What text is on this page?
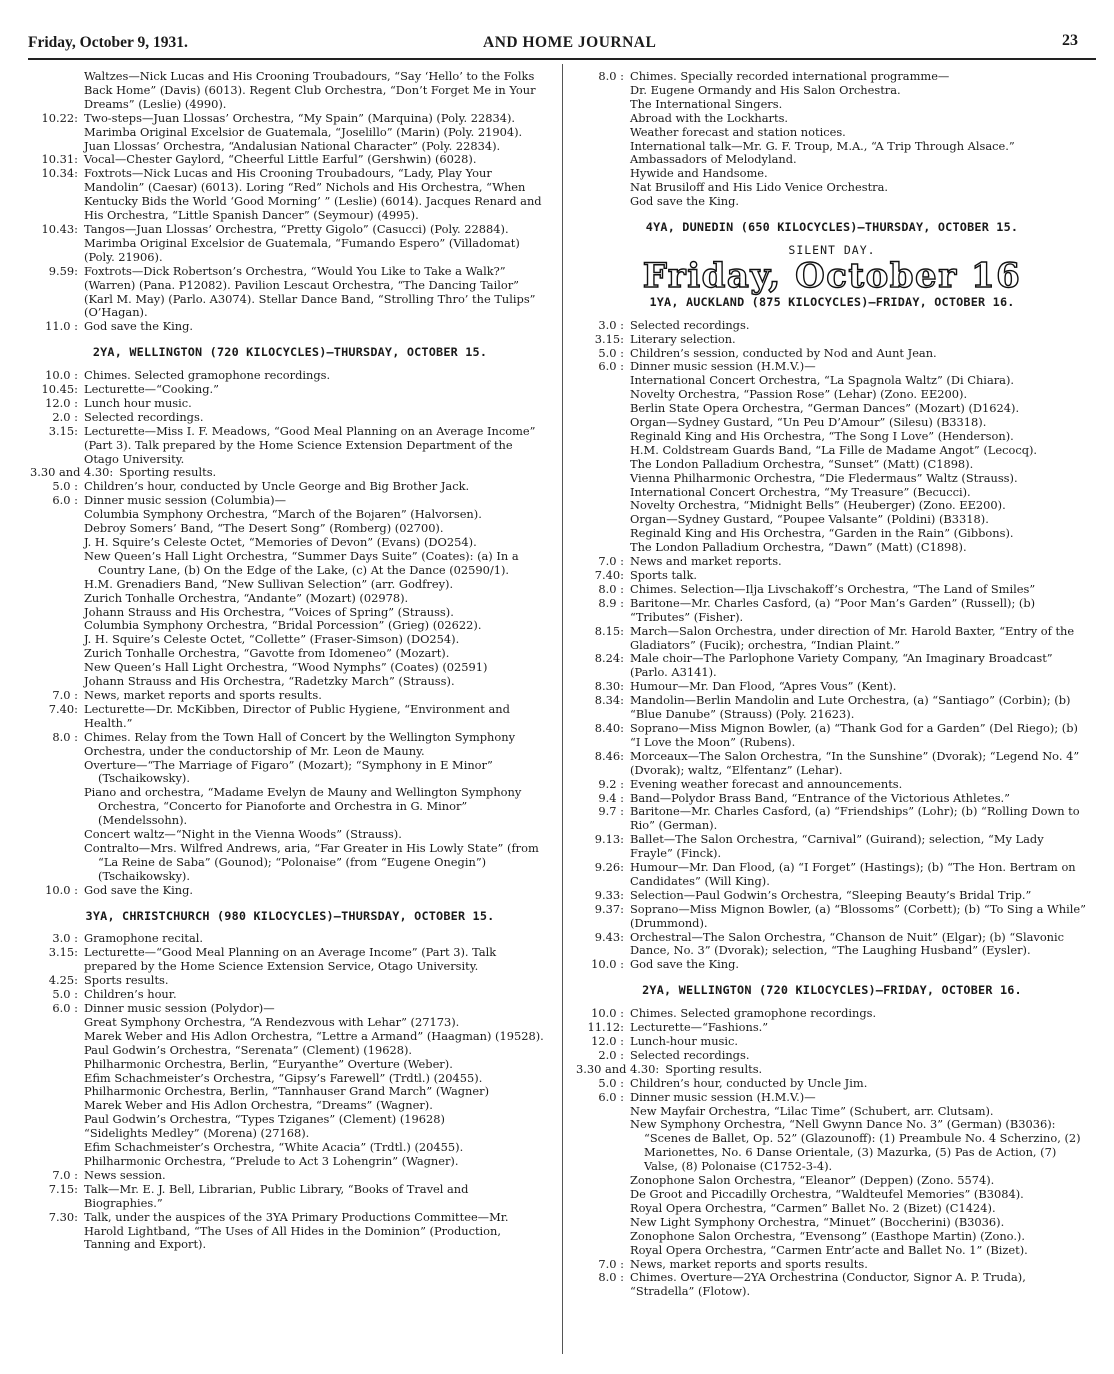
Friday, October 9, 1931.	AND HOME JOURNAL	23
Waltzes—Nick Lucas and His Crooning Troubadours, “Say ‘Hello’ to the Folks Back Home” (Davis) (6013). Regent Club Orchestra, “Don’t Forget Me in Your Dreams” (Leslie) (4990).
10.22: Two-steps—Juan Llossas’ Orchestra, “My Spain” (Marquina) (Poly. 22834). Marimba Original Excelsior de Guatemala, “Joselillo” (Marin) (Poly. 21904). Juan Llossas’ Orchestra, “Andalusian National Character” (Poly. 22834).
10.31: Vocal—Chester Gaylord, “Cheerful Little Earful” (Gershwin) (6028).
10.34: Foxtrots—Nick Lucas and His Crooning Troubadours, “Lady, Play Your Mandolin” (Caesar) (6013). Loring “Red” Nichols and His Orchestra, “When Kentucky Bids the World ‘Good Morning’ ” (Leslie) (6014). Jacques Renard and His Orchestra, “Little Spanish Dancer” (Seymour) (4995).
10.43: Tangos—Juan Llossas’ Orchestra, “Pretty Gigolo” (Casucci) (Poly. 22884). Marimba Original Excelsior de Guatemala, “Fumando Espero” (Villadomat) (Poly. 21906).
9.59: Foxtrots—Dick Robertson’s Orchestra, “Would You Like to Take a Walk?” (Warren) (Pana. P12082). Pavilion Lescaut Orchestra, “The Dancing Tailor” (Karl M. May) (Parlo. A3074). Stellar Dance Band, “Strolling Thro’ the Tulips” (O’Hagan).
11.0 : God save the King.
2YA, WELLINGTON (720 KILOCYCLES)—THURSDAY, OCTOBER 15.
10.0 : Chimes. Selected gramophone recordings.
10.45: Lecturette—“Cooking.”
12.0 : Lunch hour music.
2.0 : Selected recordings.
3.15: Lecturette—Miss I. F. Meadows, “Good Meal Planning on an Average Income” (Part 3). Talk prepared by the Home Science Extension Department of the Otago University.
3.30 and 4.30: Sporting results.
5.0 : Children’s hour, conducted by Uncle George and Big Brother Jack.
6.0 : Dinner music session (Columbia)—
Columbia Symphony Orchestra, “March of the Bojaren” (Halvorsen).
Debroy Somers’ Band, “The Desert Song” (Romberg) (02700).
J. H. Squire’s Celeste Octet, “Memories of Devon” (Evans) (DO254).
New Queen’s Hall Light Orchestra, “Summer Days Suite” (Coates): (a) In a Country Lane, (b) On the Edge of the Lake, (c) At the Dance (02590/1).
H.M. Grenadiers Band, “New Sullivan Selection” (arr. Godfrey).
Zurich Tonhalle Orchestra, “Andante” (Mozart) (02978).
Johann Strauss and His Orchestra, “Voices of Spring” (Strauss).
Columbia Symphony Orchestra, “Bridal Porcession” (Grieg) (02622).
J. H. Squire’s Celeste Octet, “Collette” (Fraser-Simson) (DO254).
Zurich Tonhalle Orchestra, “Gavotte from Idomeneo” (Mozart).
New Queen’s Hall Light Orchestra, “Wood Nymphs” (Coates) (02591)
Johann Strauss and His Orchestra, “Radetzky March” (Strauss).
7.0 : News, market reports and sports results.
7.40: Lecturette—Dr. McKibben, Director of Public Hygiene, “Environment and Health.”
8.0 : Chimes. Relay from the Town Hall of Concert by the Wellington Symphony Orchestra, under the conductorship of Mr. Leon de Mauny.
Overture—“The Marriage of Figaro” (Mozart); “Symphony in E Minor” (Tschaikowsky).
Piano and orchestra, “Madame Evelyn de Mauny and Wellington Symphony Orchestra, “Concerto for Pianoforte and Orchestra in G. Minor” (Mendelssohn).
Concert waltz—“Night in the Vienna Woods” (Strauss).
Contralto—Mrs. Wilfred Andrews, aria, “Far Greater in His Lowly State” (from “La Reine de Saba” (Gounod); “Polonaise” (from “Eugene Onegin”) (Tschaikowsky).
10.0 : God save the King.
3YA, CHRISTCHURCH (980 KILOCYCLES)—THURSDAY, OCTOBER 15.
3.0 : Gramophone recital.
3.15: Lecturette—“Good Meal Planning on an Average Income” (Part 3). Talk prepared by the Home Science Extension Service, Otago University.
4.25: Sports results.
5.0 : Children’s hour.
6.0 : Dinner music session (Polydor)—
Great Symphony Orchestra, “A Rendezvous with Lehar” (27173).
Marek Weber and His Adlon Orchestra, “Lettre a Armand” (Haagman) (19528).
Paul Godwin’s Orchestra, “Serenata” (Clement) (19628).
Philharmonic Orchestra, Berlin, “Euryanthe” Overture (Weber).
Efim Schachmeister’s Orchestra, “Gipsy’s Farewell” (Trdtl.) (20455).
Philharmonic Orchestra, Berlin, “Tannhauser Grand March” (Wagner)
Marek Weber and His Adlon Orchestra, “Dreams” (Wagner).
Paul Godwin’s Orchestra, “Types Tziganes” (Clement) (19628)
“Sidelights Medley” (Morena) (27168).
Efim Schachmeister’s Orchestra, “White Acacia” (Trdtl.) (20455).
Philharmonic Orchestra, “Prelude to Act 3 Lohengrin” (Wagner).
7.0 : News session.
7.15: Talk—Mr. E. J. Bell, Librarian, Public Library, “Books of Travel and Biographies.”
7.30: Talk, under the auspices of the 3YA Primary Productions Committee—Mr. Harold Lightband, “The Uses of All Hides in the Dominion” (Production, Tanning and Export).
8.0 : Chimes. Specially recorded international programme—
Dr. Eugene Ormandy and His Salon Orchestra.
The International Singers.
Abroad with the Lockharts.
Weather forecast and station notices.
International talk—Mr. G. F. Troup, M.A., “A Trip Through Alsace.”
Ambassadors of Melodyland.
Hywide and Handsome.
Nat Brusiloff and His Lido Venice Orchestra.
God save the King.
4YA, DUNEDIN (650 KILOCYCLES)—THURSDAY, OCTOBER 15.
SILENT DAY.
Friday, October 16
1YA, AUCKLAND (875 KILOCYCLES)—FRIDAY, OCTOBER 16.
3.0 : Selected recordings.
3.15: Literary selection.
5.0 : Children’s session, conducted by Nod and Aunt Jean.
6.0 : Dinner music session (H.M.V.)—
International Concert Orchestra, “La Spagnola Waltz” (Di Chiara).
Novelty Orchestra, “Passion Rose” (Lehar) (Zono. EE200).
Berlin State Opera Orchestra, “German Dances” (Mozart) (D1624).
Organ—Sydney Gustard, “Un Peu D’Amour” (Silesu) (B3318).
Reginald King and His Orchestra, “The Song I Love” (Henderson).
H.M. Coldstream Guards Band, “La Fille de Madame Angot” (Lecocq).
The London Palladium Orchestra, “Sunset” (Matt) (C1898).
Vienna Philharmonic Orchestra, “Die Fledermaus” Waltz (Strauss).
International Concert Orchestra, “My Treasure” (Becucci).
Novelty Orchestra, “Midnight Bells” (Heuberger) (Zono. EE200).
Organ—Sydney Gustard, “Poupee Valsante” (Poldini) (B3318).
Reginald King and His Orchestra, “Garden in the Rain” (Gibbons).
The London Palladium Orchestra, “Dawn” (Matt) (C1898).
7.0 : News and market reports.
7.40: Sports talk.
8.0 : Chimes. Selection—Ilja Livschakoff’s Orchestra, “The Land of Smiles”
8.9 : Baritone—Mr. Charles Casford, (a) “Poor Man’s Garden” (Russell); (b) “Tributes” (Fisher).
8.15: March—Salon Orchestra, under direction of Mr. Harold Baxter, “Entry of the Gladiators” (Fucik); orchestra, “Indian Plaint.”
8.24: Male choir—The Parlophone Variety Company, “An Imaginary Broadcast” (Parlo. A3141).
8.30: Humour—Mr. Dan Flood, “Apres Vous” (Kent).
8.34: Mandolin—Berlin Mandolin and Lute Orchestra, (a) “Santiago” (Corbin); (b) “Blue Danube” (Strauss) (Poly. 21623).
8.40: Soprano—Miss Mignon Bowler, (a) “Thank God for a Garden” (Del Riego); (b) “I Love the Moon” (Rubens).
8.46: Morceaux—The Salon Orchestra, “In the Sunshine” (Dvorak); “Legend No. 4” (Dvorak); waltz, “Elfentanz” (Lehar).
9.2 : Evening weather forecast and announcements.
9.4 : Band—Polydor Brass Band, “Entrance of the Victorious Athletes.”
9.7 : Baritone—Mr. Charles Casford, (a) “Friendships” (Lohr); (b) “Rolling Down to Rio” (German).
9.13: Ballet—The Salon Orchestra, “Carnival” (Guirand); selection, “My Lady Frayle” (Finck).
9.26: Humour—Mr. Dan Flood, (a) “I Forget” (Hastings); (b) “The Hon. Bertram on Candidates” (Will King).
9.33: Selection—Paul Godwin’s Orchestra, “Sleeping Beauty’s Bridal Trip.”
9.37: Soprano—Miss Mignon Bowler, (a) “Blossoms” (Corbett); (b) “To Sing a While” (Drummond).
9.43: Orchestral—The Salon Orchestra, “Chanson de Nuit” (Elgar); (b) “Slavonic Dance, No. 3” (Dvorak); selection, “The Laughing Husband” (Eysler).
10.0 : God save the King.
2YA, WELLINGTON (720 KILOCYCLES)—FRIDAY, OCTOBER 16.
10.0 : Chimes. Selected gramophone recordings.
11.12: Lecturette—“Fashions.”
12.0 : Lunch-hour music.
2.0 : Selected recordings.
3.30 and 4.30: Sporting results.
5.0 : Children’s hour, conducted by Uncle Jim.
6.0 : Dinner music session (H.M.V.)—
New Mayfair Orchestra, “Lilac Time” (Schubert, arr. Clutsam).
New Symphony Orchestra, “Nell Gwynn Dance No. 3” (German) (B3036): “Scenes de Ballet, Op. 52” (Glazounoff): (1) Preambule No. 4 Scherzino, (2) Marionettes, No. 6 Danse Orientale, (3) Mazurka, (5) Pas de Action, (7) Valse, (8) Polonaise (C1752-3-4).
Zonophone Salon Orchestra, “Eleanor” (Deppen) (Zono. 5574).
De Groot and Piccadilly Orchestra, “Waldteufel Memories” (B3084).
Royal Opera Orchestra, “Carmen” Ballet No. 2 (Bizet) (C1424).
New Light Symphony Orchestra, “Minuet” (Boccherini) (B3036).
Zonophone Salon Orchestra, “Evensong” (Easthope Martin) (Zono.).
Royal Opera Orchestra, “Carmen Entr’acte and Ballet No. 1” (Bizet).
7.0 : News, market reports and sports results.
8.0 : Chimes. Overture—2YA Orchestrina (Conductor, Signor A. P. Truda), “Stradella” (Flotow).
